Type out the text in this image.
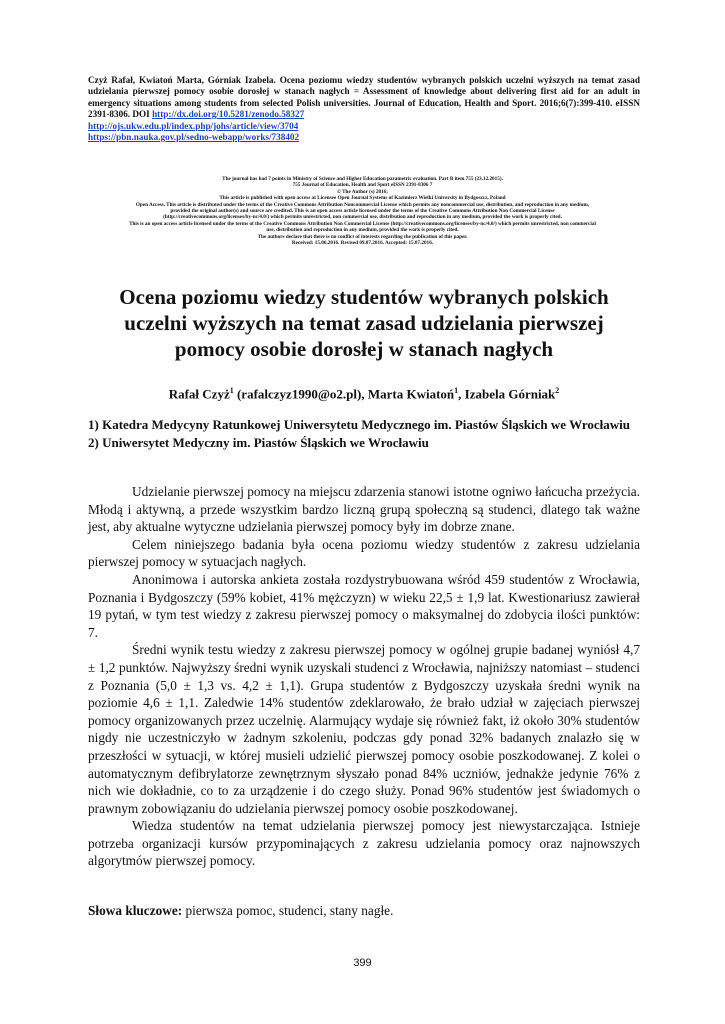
Czyż Rafał, Kwiatoń Marta, Górniak Izabela. Ocena poziomu wiedzy studentów wybranych polskich uczelni wyższych na temat zasad udzielania pierwszej pomocy osobie dorosłej w stanach nagłych = Assessment of knowledge about delivering first aid for an adult in emergency situations among students from selected Polish universities. Journal of Education, Health and Sport. 2016;6(7):399-410. eISSN 2391-8306. DOI http://dx.doi.org/10.5281/zenodo.58327
http://ojs.ukw.edu.pl/index.php/johs/article/view/3704
https://pbn.nauka.gov.pl/sedno-webapp/works/738402
The journal has had 7 points in Ministry of Science and Higher Education parametric evaluation. Part B item 755 (23.12.2015).
755 Journal of Education, Health and Sport eISSN 2391-8306 7
© The Author (s) 2016;
This article is published with open access at Licensee Open Journal Systems of Kazimierz Wielki University in Bydgoszcz, Poland
Open Access. This article is distributed under the terms of the Creative Commons Attribution Noncommercial License which permits any noncommercial use, distribution, and reproduction in any medium,
provided the original author(s) and source are credited. This is an open access article licensed under the terms of the Creative Commons Attribution Non Commercial License
(http://creativecommons.org/licenses/by-nc/4.0/) which permits unrestricted, non commercial use, distribution and reproduction in any medium, provided the work is properly cited.
This is an open access article licensed under the terms of the Creative Commons Attribution Non Commercial License (http://creativecommons.org/licenses/by-nc/4.0/) which permits unrestricted, non commercial
use, distribution and reproduction in any medium, provided the work is properly cited.
The authors declare that there is no conflict of interests regarding the publication of this paper.
Received: 15.06.2016. Revised 09.07.2016. Accepted: 15.07.2016.
Ocena poziomu wiedzy studentów wybranych polskich uczelni wyższych na temat zasad udzielania pierwszej pomocy osobie dorosłej w stanach nagłych
Rafał Czyż$^1$ (rafalczyz1990@o2.pl), Marta Kwiatoń$^1$, Izabela Górniak$^2$
1) Katedra Medycyny Ratunkowej Uniwersytetu Medycznego im. Piastów Śląskich we Wrocławiu
2) Uniwersytet Medyczny im. Piastów Śląskich we Wrocławiu

Udzielanie pierwszej pomocy na miejscu zdarzenia stanowi istotne ogniwo łańcucha przeżycia. Młodą i aktywną, a przede wszystkim bardzo liczną grupą społeczną są studenci, dlatego tak ważne jest, aby aktualne wytyczne udzielania pierwszej pomocy były im dobrze znane.

Celem niniejszego badania była ocena poziomu wiedzy studentów z zakresu udzielania pierwszej pomocy w sytuacjach nagłych.

Anonimowa i autorska ankieta została rozdystrybuowana wśród 459 studentów z Wrocławia, Poznania i Bydgoszczy (59% kobiet, 41% mężczyzn) w wieku 22,5 ± 1,9 lat. Kwestionariusz zawierał 19 pytań, w tym test wiedzy z zakresu pierwszej pomocy o maksymalnej do zdobycia ilości punktów: 7.

Średni wynik testu wiedzy z zakresu pierwszej pomocy w ogólnej grupie badanej wyniósł 4,7 ± 1,2 punktów. Najwyższy średni wynik uzyskali studenci z Wrocławia, najniższy natomiast – studenci z Poznania (5,0 ± 1,3 vs. 4,2 ± 1,1). Grupa studentów z Bydgoszczy uzyskała średni wynik na poziomie 4,6 ± 1,1. Zaledwie 14% studentów zdeklarowało, że brało udział w zajęciach pierwszej pomocy organizowanych przez uczelnię. Alarmujący wydaje się również fakt, iż około 30% studentów nigdy nie uczestniczyło w żadnym szkoleniu, podczas gdy ponad 32% badanych znalazło się w przeszłości w sytuacji, w której musieli udzielić pierwszej pomocy osobie poszkodowanej. Z kolei o automatycznym defibrylatorze zewnętrznym słyszało ponad 84% uczniów, jednakże jedynie 76% z nich wie dokładnie, co to za urządzenie i do czego służy. Ponad 96% studentów jest świadomych o prawnym zobowiązaniu do udzielania pierwszej pomocy osobie poszkodowanej.

Wiedza studentów na temat udzielania pierwszej pomocy jest niewystarczająca. Istnieje potrzeba organizacji kursów przypominających z zakresu udzielania pomocy oraz najnowszych algorytmów pierwszej pomocy.

Słowa kluczowe: pierwsza pomoc, studenci, stany nagłe.
399
